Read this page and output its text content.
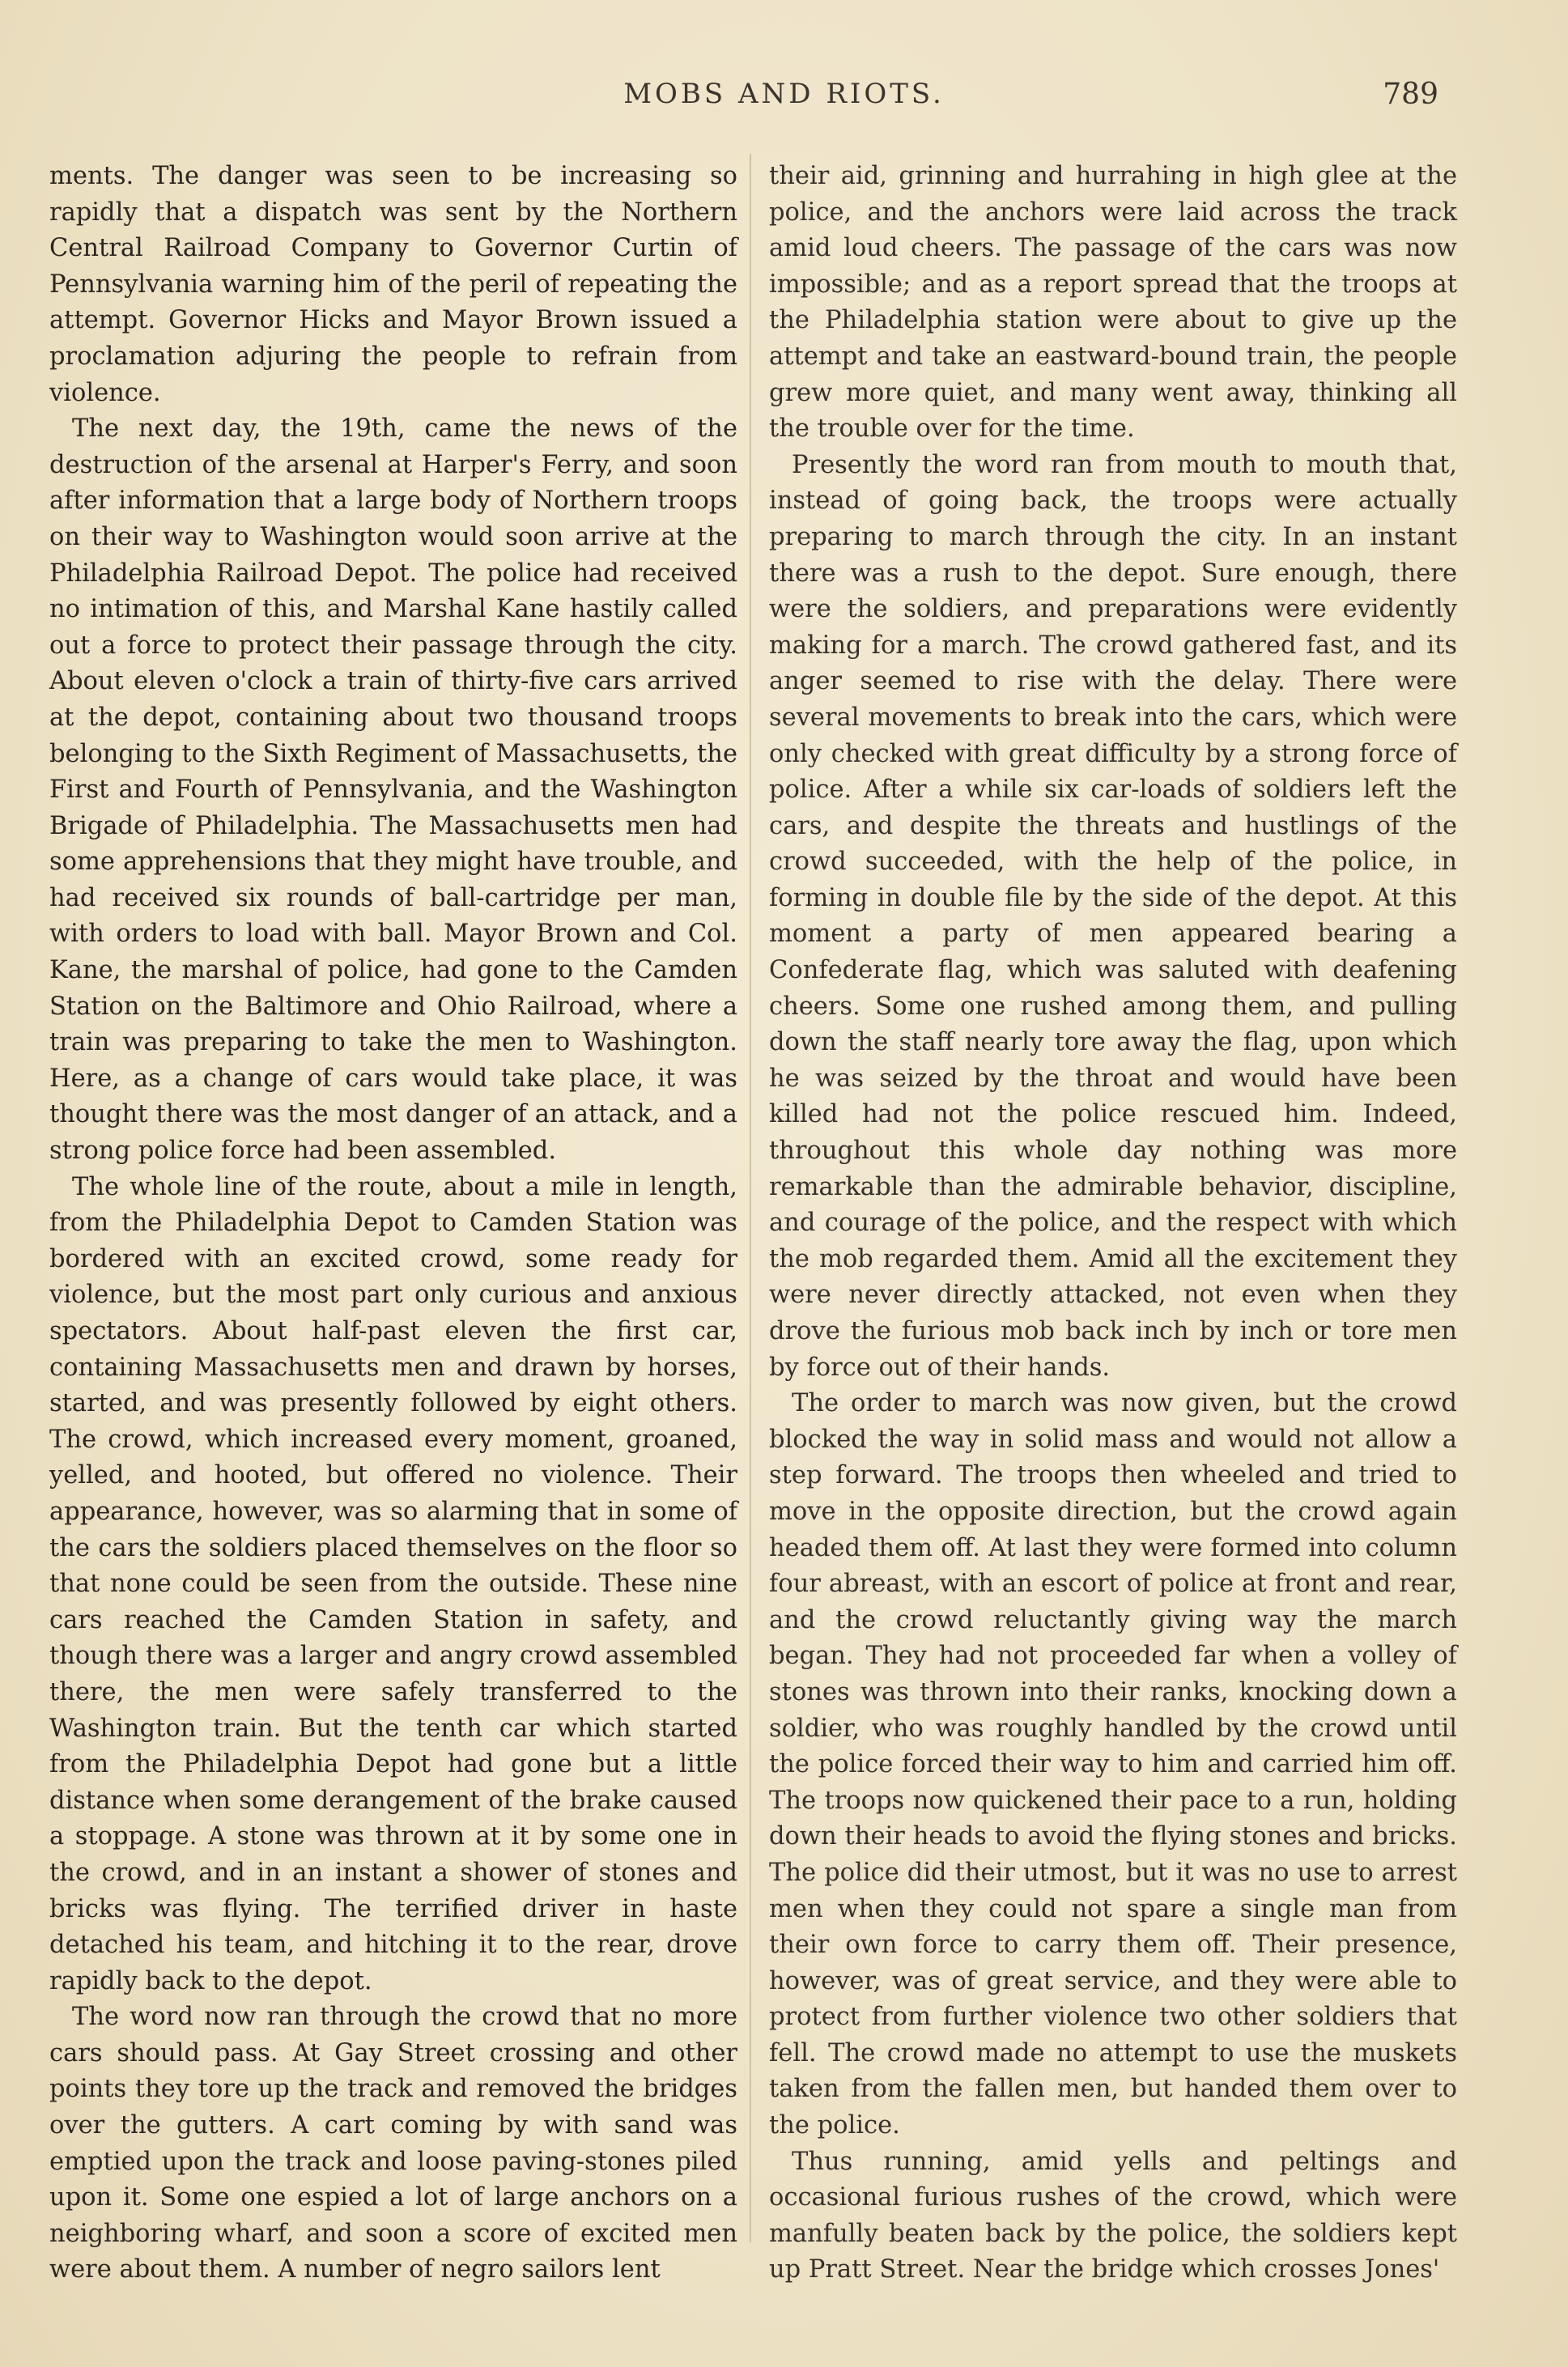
MOBS AND RIOTS.	789

ments. The danger was seen to be increasing so rapidly that a dispatch was sent by the Northern Central Railroad Company to Governor Curtin of Pennsylvania warning him of the peril of repeating the attempt. Governor Hicks and Mayor Brown issued a proclamation adjuring the people to refrain from violence.

The next day, the 19th, came the news of the destruction of the arsenal at Harper's Ferry, and soon after information that a large body of Northern troops on their way to Washington would soon arrive at the Philadelphia Railroad Depot. The police had received no intimation of this, and Marshal Kane hastily called out a force to protect their passage through the city. About eleven o'clock a train of thirty-five cars arrived at the depot, containing about two thousand troops belonging to the Sixth Regiment of Massachusetts, the First and Fourth of Pennsylvania, and the Washington Brigade of Philadelphia. The Massachusetts men had some apprehensions that they might have trouble, and had received six rounds of ball-cartridge per man, with orders to load with ball. Mayor Brown and Col. Kane, the marshal of police, had gone to the Camden Station on the Baltimore and Ohio Railroad, where a train was preparing to take the men to Washington. Here, as a change of cars would take place, it was thought there was the most danger of an attack, and a strong police force had been assembled.

The whole line of the route, about a mile in length, from the Philadelphia Depot to Camden Station was bordered with an excited crowd, some ready for violence, but the most part only curious and anxious spectators. About half-past eleven the first car, containing Massachusetts men and drawn by horses, started, and was presently followed by eight others. The crowd, which increased every moment, groaned, yelled, and hooted, but offered no violence. Their appearance, however, was so alarming that in some of the cars the soldiers placed themselves on the floor so that none could be seen from the outside. These nine cars reached the Camden Station in safety, and though there was a larger and angry crowd assembled there, the men were safely transferred to the Washington train. But the tenth car which started from the Philadelphia Depot had gone but a little distance when some derangement of the brake caused a stoppage. A stone was thrown at it by some one in the crowd, and in an instant a shower of stones and bricks was flying. The terrified driver in haste detached his team, and hitching it to the rear, drove rapidly back to the depot.

The word now ran through the crowd that no more cars should pass. At Gay Street crossing and other points they tore up the track and removed the bridges over the gutters. A cart coming by with sand was emptied upon the track and loose paving-stones piled upon it. Some one espied a lot of large anchors on a neighboring wharf, and soon a score of excited men were about them. A number of negro sailors lent

their aid, grinning and hurrahing in high glee at the police, and the anchors were laid across the track amid loud cheers. The passage of the cars was now impossible; and as a report spread that the troops at the Philadelphia station were about to give up the attempt and take an eastward-bound train, the people grew more quiet, and many went away, thinking all the trouble over for the time.

Presently the word ran from mouth to mouth that, instead of going back, the troops were actually preparing to march through the city. In an instant there was a rush to the depot. Sure enough, there were the soldiers, and preparations were evidently making for a march. The crowd gathered fast, and its anger seemed to rise with the delay. There were several movements to break into the cars, which were only checked with great difficulty by a strong force of police. After a while six car-loads of soldiers left the cars, and despite the threats and hustlings of the crowd succeeded, with the help of the police, in forming in double file by the side of the depot. At this moment a party of men appeared bearing a Confederate flag, which was saluted with deafening cheers. Some one rushed among them, and pulling down the staff nearly tore away the flag, upon which he was seized by the throat and would have been killed had not the police rescued him. Indeed, throughout this whole day nothing was more remarkable than the admirable behavior, discipline, and courage of the police, and the respect with which the mob regarded them. Amid all the excitement they were never directly attacked, not even when they drove the furious mob back inch by inch or tore men by force out of their hands.

The order to march was now given, but the crowd blocked the way in solid mass and would not allow a step forward. The troops then wheeled and tried to move in the opposite direction, but the crowd again headed them off. At last they were formed into column four abreast, with an escort of police at front and rear, and the crowd reluctantly giving way the march began. They had not proceeded far when a volley of stones was thrown into their ranks, knocking down a soldier, who was roughly handled by the crowd until the police forced their way to him and carried him off. The troops now quickened their pace to a run, holding down their heads to avoid the flying stones and bricks. The police did their utmost, but it was no use to arrest men when they could not spare a single man from their own force to carry them off. Their presence, however, was of great service, and they were able to protect from further violence two other soldiers that fell. The crowd made no attempt to use the muskets taken from the fallen men, but handed them over to the police.

Thus running, amid yells and peltings and occasional furious rushes of the crowd, which were manfully beaten back by the police, the soldiers kept up Pratt Street. Near the bridge which crosses Jones'
